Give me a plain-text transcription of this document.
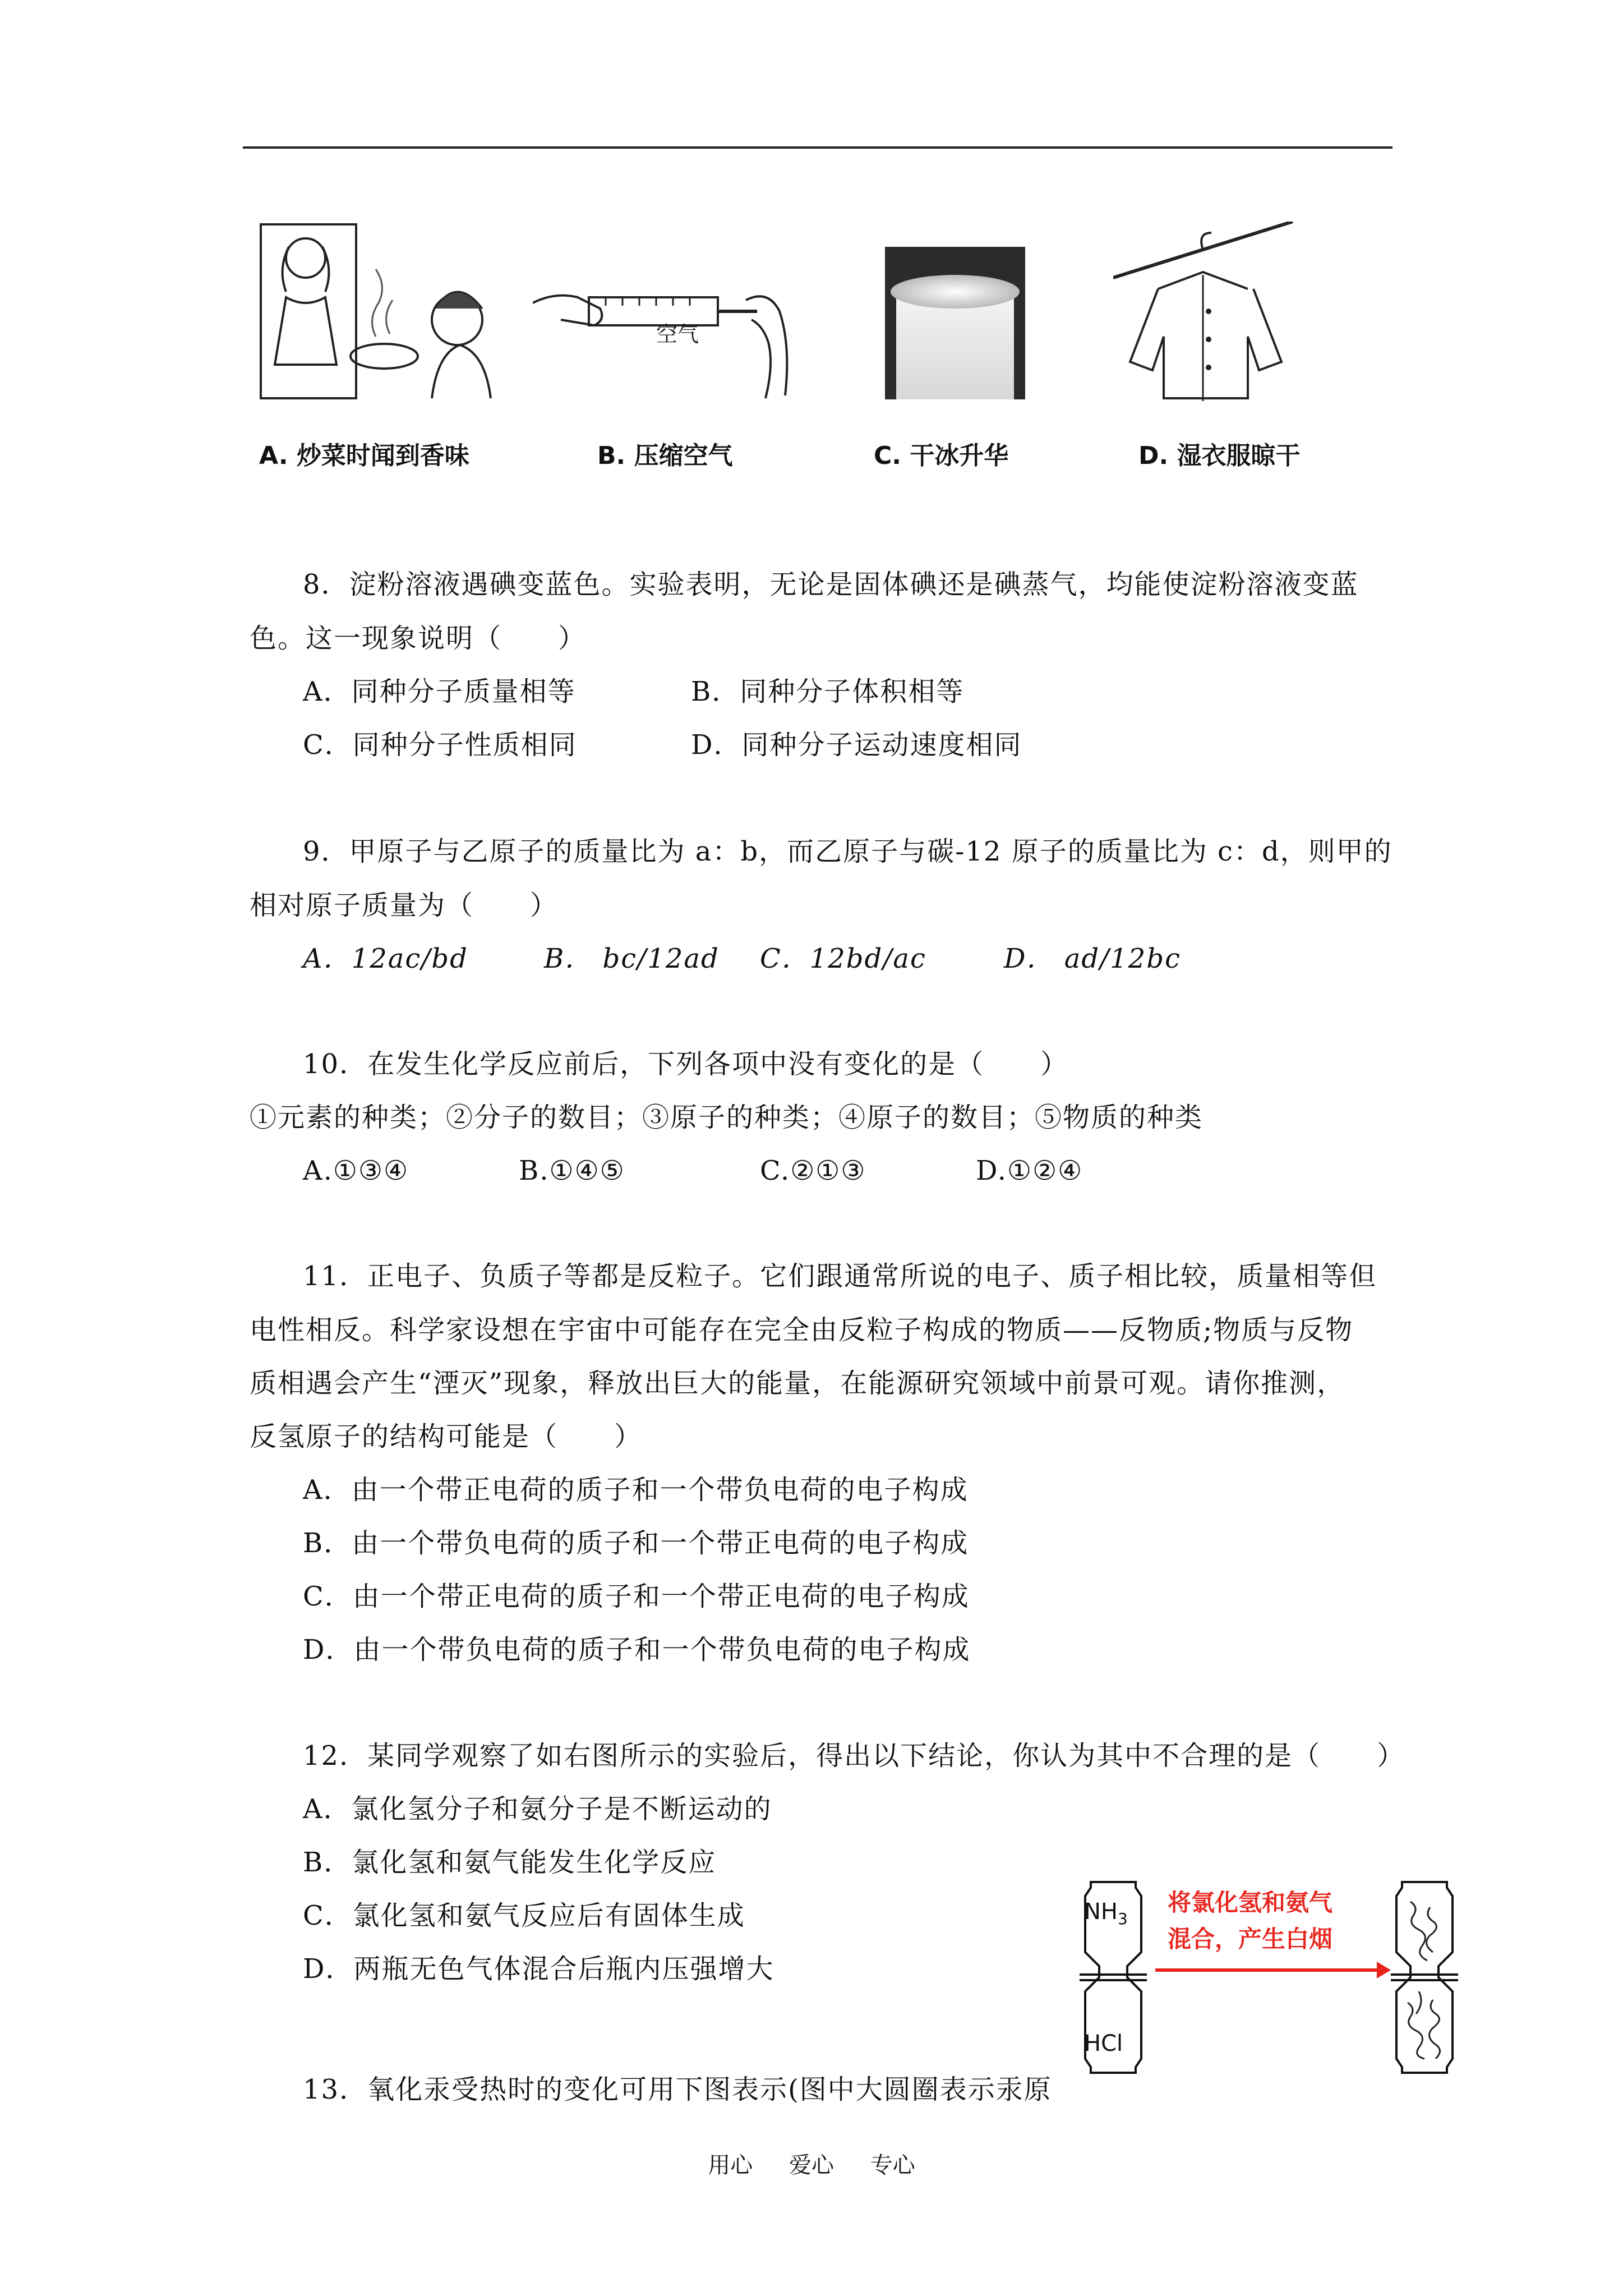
空气
A. 炒菜时闻到香味	B. 压缩空气	C. 干冰升华	D. 湿衣服晾干
8．淀粉溶液遇碘变蓝色。实验表明，无论是固体碘还是碘蒸气，均能使淀粉溶液变蓝
色。这一现象说明（　　）
A．同种分子质量相等	B．同种分子体积相等
C．同种分子性质相同	D．同种分子运动速度相同
9．甲原子与乙原子的质量比为 a：b，而乙原子与碳-12 原子的质量比为 c：d，则甲的
相对原子质量为（　　）
A．12ac/bd	B． bc/12ad C．12bd/ac	D． ad/12bc
10．在发生化学反应前后，下列各项中没有变化的是（　　）
①元素的种类；②分子的数目；③原子的种类；④原子的数目；⑤物质的种类
A.①③④	B.①④⑤	C.②①③	D.①②④
11．正电子、负质子等都是反粒子。它们跟通常所说的电子、质子相比较，质量相等但
电性相反。科学家设想在宇宙中可能存在完全由反粒子构成的物质——反物质;物质与反物
质相遇会产生“湮灭”现象，释放出巨大的能量，在能源研究领域中前景可观。请你推测，
反氢原子的结构可能是（　　）
A．由一个带正电荷的质子和一个带负电荷的电子构成
B．由一个带负电荷的质子和一个带正电荷的电子构成
C．由一个带正电荷的质子和一个带正电荷的电子构成
D．由一个带负电荷的质子和一个带负电荷的电子构成
12．某同学观察了如右图所示的实验后，得出以下结论，你认为其中不合理的是（　　）
A．氯化氢分子和氨分子是不断运动的
B．氯化氢和氨气能发生化学反应
C．氯化氢和氨气反应后有固体生成
D．两瓶无色气体混合后瓶内压强增大
$NH_3$
HCl
将氯化氢和氨气
混合，产生白烟
13．氧化汞受热时的变化可用下图表示(图中大圆圈表示汞原
用心 爱心 专心
